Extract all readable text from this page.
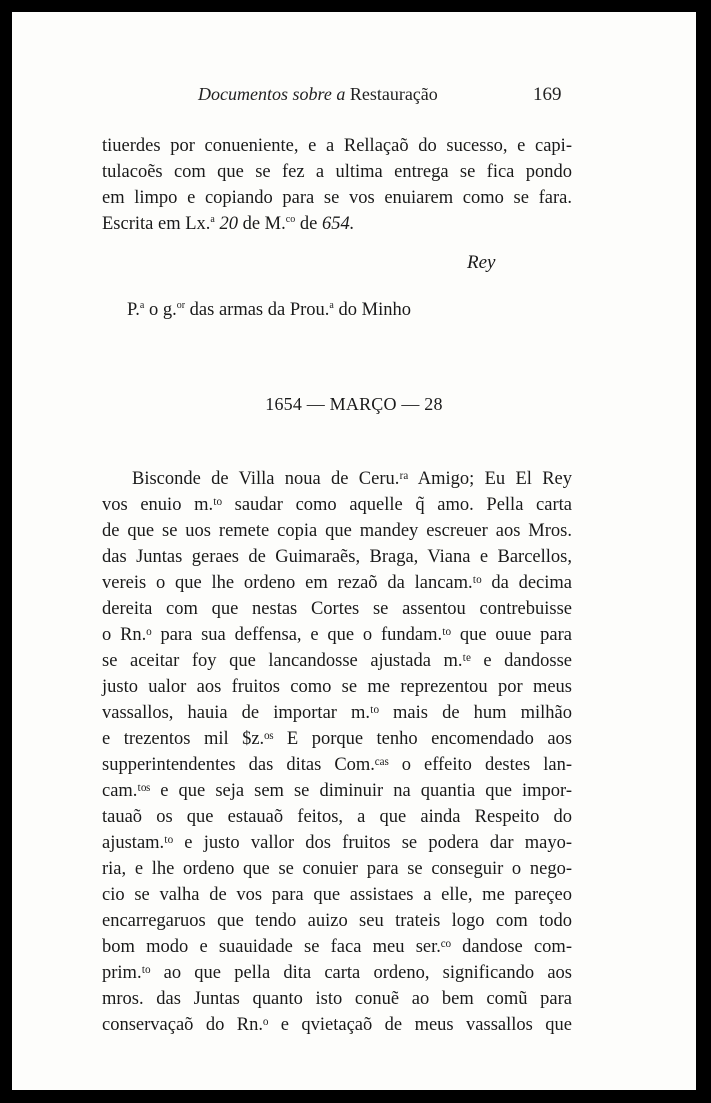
Documentos sobre a Restauração	169
tiuerdes por conueniente, e a Rellaçaõ do sucesso, e capi-
tulacoẽs com que se fez a ultima entrega se fica pondo
em limpo e copiando para se vos enuiarem como se fara.
Escrita em Lx.$^a$ 20 de M.$^{co}$ de 654.
Rey
P.$^a$ o g.$^{or}$ das armas da Prou.$^a$ do Minho
1654 — MARÇO — 28
Bisconde de Villa noua de Ceru.ʳᵃ Amigo; Eu El Rey
vos enuio m.ᵗᵒ saudar como aquelle q̃ amo. Pella carta
de que se uos remete copia que mandey escreuer aos Mros.
das Juntas geraes de Guimaraẽs, Braga, Viana e Barcellos,
vereis o que lhe ordeno em rezaõ da lancam.ᵗᵒ da decima
dereita com que nestas Cortes se assentou contrebuisse
o Rn.ᵒ para sua deffensa, e que o fundam.ᵗᵒ que ouue para
se aceitar foy que lancandosse ajustada m.ᵗᵉ e dandosse
justo ualor aos fruitos como se me reprezentou por meus
vassallos, hauia de importar m.ᵗᵒ mais de hum milhão
e trezentos mil $z.ᵒˢ E porque tenho encomendado aos
supperintendentes das ditas Com.ᶜᵃˢ o effeito destes lan-
cam.ᵗᵒˢ e que seja sem se diminuir na quantia que impor-
tauaõ os que estauaõ feitos, a que ainda Respeito do
ajustam.ᵗᵒ e justo vallor dos fruitos se podera dar mayo-
ria, e lhe ordeno que se conuier para se conseguir o nego-
cio se valha de vos para que assistaes a elle, me pareçeo
encarregaruos que tendo auizo seu trateis logo com todo
bom modo e suauidade se faca meu ser.ᶜᵒ dandose com-
prim.ᵗᵒ ao que pella dita carta ordeno, significando aos
mros. das Juntas quanto isto conuẽ ao bem comũ para
conservaçaõ do Rn.ᵒ e qvietaçaõ de meus vassallos que
